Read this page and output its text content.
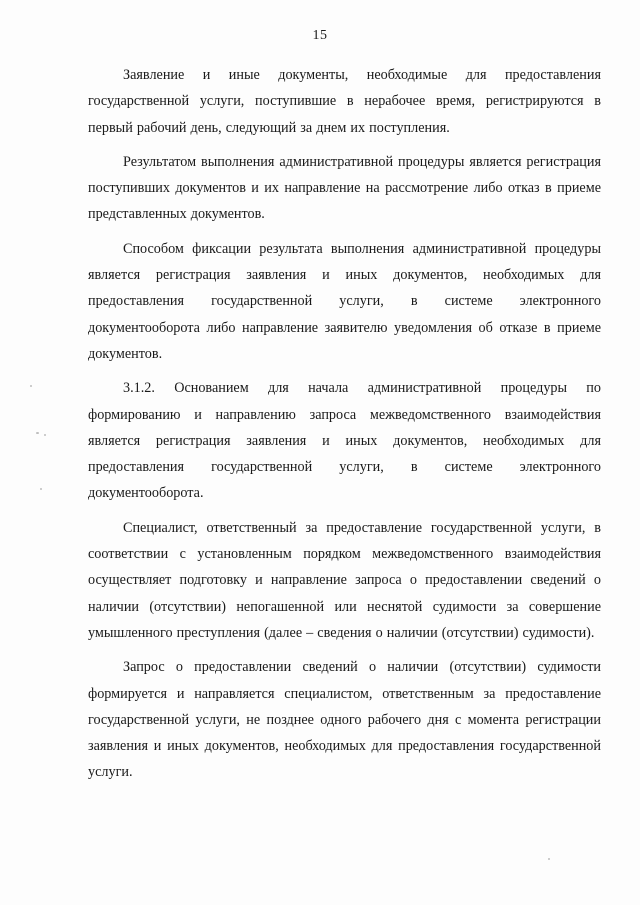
15

Заявление и иные документы, необходимые для предоставления государственной услуги, поступившие в нерабочее время, регистрируются в первый рабочий день, следующий за днем их поступления.

Результатом выполнения административной процедуры является регистрация поступивших документов и их направление на рассмотрение либо отказ в приеме представленных документов.

Способом фиксации результата выполнения административной процедуры является регистрация заявления и иных документов, необходимых для предоставления государственной услуги, в системе электронного документооборота либо направление заявителю уведомления об отказе в приеме документов.

3.1.2. Основанием для начала административной процедуры по формированию и направлению запроса межведомственного взаимодействия является регистрация заявления и иных документов, необходимых для предоставления государственной услуги, в системе электронного документооборота.

Специалист, ответственный за предоставление государственной услуги, в соответствии с установленным порядком межведомственного взаимодействия осуществляет подготовку и направление запроса о предоставлении сведений о наличии (отсутствии) непогашенной или неснятой судимости за совершение умышленного преступления (далее – сведения о наличии (отсутствии) судимости).

Запрос о предоставлении сведений о наличии (отсутствии) судимости формируется и направляется специалистом, ответственным за предоставление государственной услуги, не позднее одного рабочего дня с момента регистрации заявления и иных документов, необходимых для предоставления государственной услуги.
